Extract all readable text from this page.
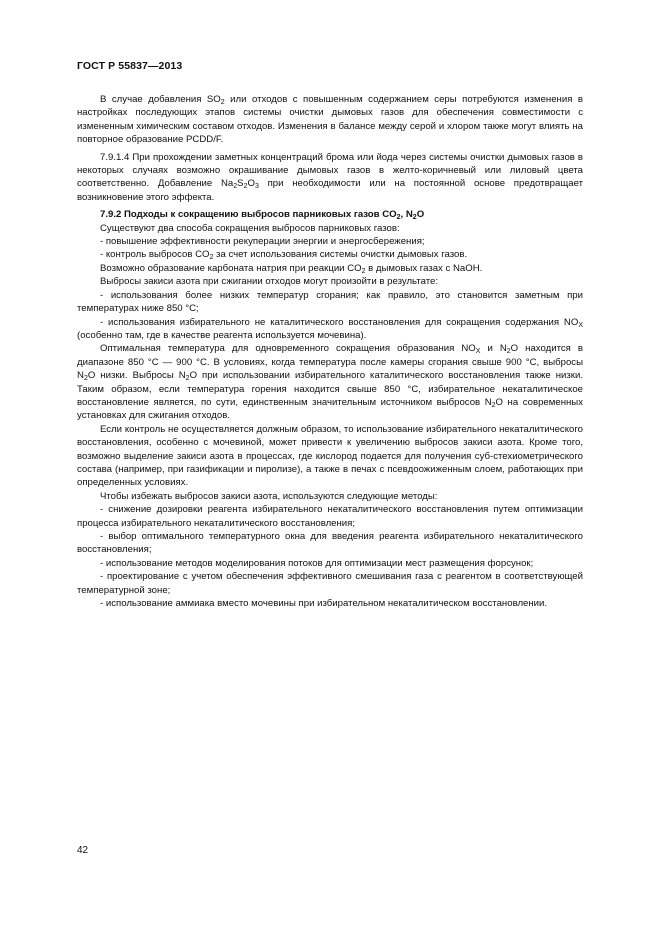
ГОСТ Р 55837—2013

В случае добавления $SO_2$ или отходов с повышенным содержанием серы потребуются изменения в настройках последующих этапов системы очистки дымовых газов для обеспечения совместимости с измененным химическим составом отходов. Изменения в балансе между серой и хлором также могут влиять на повторное образование PCDD/F.

7.9.1.4 При прохождении заметных концентраций брома или йода через системы очистки дымовых газов в некоторых случаях возможно окрашивание дымовых газов в желто-коричневый или лиловый цвета соответственно. Добавление $Na_2S_2O_3$ при необходимости или на постоянной основе предотвращает возникновение этого эффекта.

7.9.2 Подходы к сокращению выбросов парниковых газов $CO_2$, $N_2O$

Существуют два способа сокращения выбросов парниковых газов:

- повышение эффективности рекуперации энергии и энергосбережения;

- контроль выбросов $CO_2$ за счет использования системы очистки дымовых газов.

Возможно образование карбоната натрия при реакции $CO_2$ в дымовых газах с NaOH.

Выбросы закиси азота при сжигании отходов могут произойти в результате:

- использования более низких температур сгорания; как правило, это становится заметным при температурах ниже 850 °C;

- использования избирательного не каталитического восстановления для сокращения содержания $NO_X$ (особенно там, где в качестве реагента используется мочевина).

Оптимальная температура для одновременного сокращения образования $NO_X$ и $N_2O$ находится в диапазоне 850 °C — 900 °C. В условиях, когда температура после камеры сгорания свыше 900 °C, выбросы $N_2O$ низки. Выбросы $N_2O$ при использовании избирательного каталитического восстановления также низки. Таким образом, если температура горения находится свыше 850 °C, избирательное некаталитическое восстановление является, по сути, единственным значительным источником выбросов $N_2O$ на современных установках для сжигания отходов.

Если контроль не осуществляется должным образом, то использование избирательного некаталитического восстановления, особенно с мочевиной, может привести к увеличению выбросов закиси азота. Кроме того, возможно выделение закиси азота в процессах, где кислород подается для получения суб-стехиометрического состава (например, при газификации и пиролизе), а также в печах с псевдоожиженным слоем, работающих при определенных условиях.

Чтобы избежать выбросов закиси азота, используются следующие методы:

- снижение дозировки реагента избирательного некаталитического восстановления путем оптимизации процесса избирательного некаталитического восстановления;

- выбор оптимального температурного окна для введения реагента избирательного некаталитического восстановления;

- использование методов моделирования потоков для оптимизации мест размещения форсунок;

- проектирование с учетом обеспечения эффективного смешивания газа с реагентом в соответствующей температурной зоне;

- использование аммиака вместо мочевины при избирательном некаталитическом восстановлении.

42
